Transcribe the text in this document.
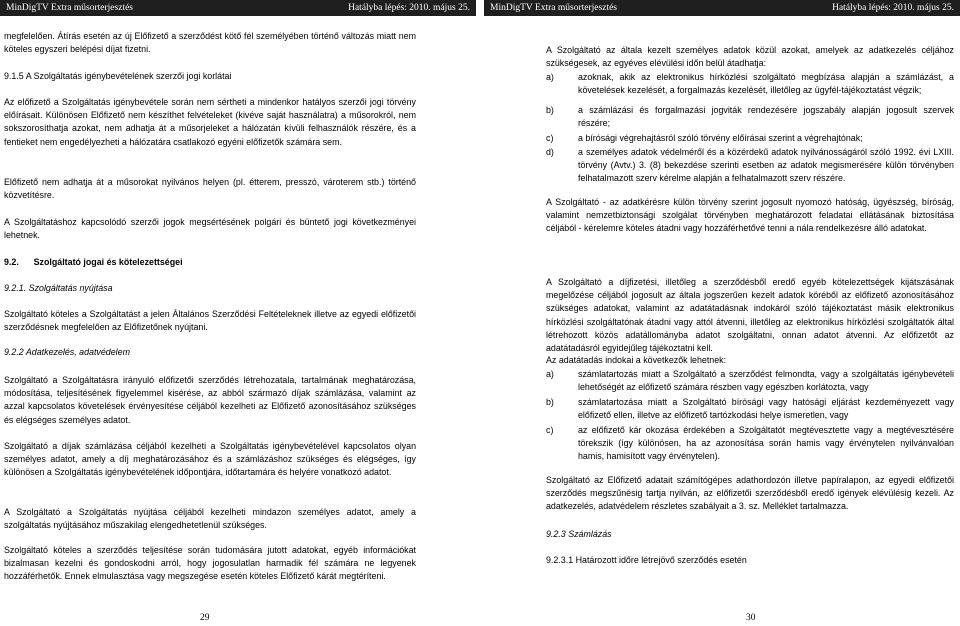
MinDigTV Extra műsorterjesztés	Hatályba lépés: 2010. május 25. MinDigTV Extra műsorterjesztés	Hatályba lépés: 2010. május 25.
megfelelően. Átírás esetén az új Előfizető a szerződést kötő fél személyében történő változás miatt nem köteles egyszeri belépési díjat fizetni.
9.1.5 A Szolgáltatás igénybevételének szerzői jogi korlátai
Az előfizető a Szolgáltatás igénybevétele során nem sértheti a mindenkor hatályos szerzői jogi törvény előírásait. Különösen Előfizető nem készíthet felvételeket (kivéve saját használatra) a műsorokról, nem sokszorosíthatja azokat, nem adhatja át a műsorjeleket a hálózatán kívüli felhasználók részére, és a fentieket nem engedélyezheti a hálózatára csatlakozó egyéni előfizetők számára sem.
Előfizető nem adhatja át a műsorokat nyilvános helyen (pl. étterem, presszó, vároterem stb.) történő közvetítésre.
A Szolgáltatáshoz kapcsolódó szerzői jogok megsértésének polgári és büntető jogi következményei lehetnek.
9.2. Szolgáltató jogai és kötelezettségei
9.2.1. Szolgáltatás nyújtása
Szolgáltató köteles a Szolgáltatást a jelen Általános Szerződési Feltételeknek illetve az egyedi előfizetői szerződésnek megfelelően az Előfizetőnek nyújtani.
9.2.2 Adatkezelés, adatvédelem
Szolgáltató a Szolgáltatásra irányuló előfizetői szerződés létrehozatala, tartalmának meghatározása, módosítása, teljesítésének figyelemmel kisérése, az abból származó díjak számlázása, valamint az azzal kapcsolatos követelések érvényesítése céljából kezelheti az Előfizető azonosításához szükséges és elégséges személyes adatot.
Szolgáltató a díjak számlázása céljából kezelheti a Szolgáltatás igénybevételével kapcsolatos olyan személyes adatot, amely a díj meghatározásához és a számlázáshoz szükséges és elégséges, így különösen a Szolgáltatás igénybevételének időpontjára, időtartamára és helyére vonatkozó adatot.
A Szolgáltató a Szolgáltatás nyújtása céljából kezelheti mindazon személyes adatot, amely a szolgáltatás nyújtásához műszakilag elengedhetetlenül szükséges.
Szolgáltató köteles a szerződés teljesítése során tudomására jutott adatokat, egyéb információkat bizalmasan kezelni és gondoskodni arról, hogy jogosulatlan harmadik fél számára ne legyenek hozzáférhetők. Ennek elmulasztása vagy megszegése esetén köteles Előfizető kárát megtéríteni.
29
A Szolgáltató az általa kezelt személyes adatok közül azokat, amelyek az adatkezelés céljához szükségesek, az egyéves elévülési időn belül átadhatja:
a)	azoknak, akik az elektronikus hírközlési szolgáltató megbízása alapján a számlázást, a követelések kezelését, a forgalmazás kezelését, illetőleg az ügyfél-tájékoztatást végzik;
b)	a számlázási és forgalmazási jogviták rendezésére jogszabály alapján jogosult szervek részére;
c)	a bírósági végrehajtásról szóló törvény előírásai szerint a végrehajtónak;
d)	a személyes adatok védelméről és a közérdekű adatok nyilvánosságáról szóló 1992. évi LXIII. törvény (Avtv.) 3. (8) bekezdése szerinti esetben az adatok megismerésére külön törvényben felhatalmazott szerv kérelme alapján a felhatalmazott szerv részére.
A Szolgáltató - az adatkérésre külön törvény szerint jogosult nyomozó hatóság, ügyészség, bíróság, valamint nemzetbiztonsági szolgálat törvényben meghatározott feladatai ellátásának biztosítása céljából - kérelemre köteles átadni vagy hozzáférhetővé tenni a nála rendelkezésre álló adatokat.
A Szolgáltató a díjfizetési, illetőleg a szerződésből eredő egyéb kötelezettségek kijátszásának megelőzése céljából jogosult az általa jogszerűen kezelt adatok köréből az előfizető azonosításához szükséges adatokat, valamint az adatátadásnak indokáról szóló tájékoztatást másik elektronikus hírközlési szolgáltatónak átadni vagy attól átvenni, illetőleg az elektronikus hírközlési szolgáltatók által létrehozott közös adatállományba adatot szolgáltatni, onnan adatot átvenni. Az előfizetőt az adatátadásról egyidejűleg tájékoztatni kell.
Az adatátadás indokai a következők lehetnek:
a)	számlatartozás miatt a Szolgáltató a szerződést felmondta, vagy a szolgáltatás igénybevételi lehetőségét az előfizető számára részben vagy egészben korlátozta, vagy
b)	számlatartozása miatt a Szolgáltató bírósági vagy hatósági eljárást kezdeményezett vagy előfizető ellen, illetve az előfizető tartózkodási helye ismeretlen, vagy
c)	az előfizető kár okozása érdekében a Szolgáltatót megtévesztette vagy a megtévesztésére törekszik (így különösen, ha az azonosítása során hamis vagy érvénytelen nyilvánvalóan hamis, hamisított vagy érvénytelen).
Szolgáltató az Előfizető adatait számítógépes adathordozón illetve papíralapon, az egyedi előfizetői szerződés megszűnésig tartja nyilván, az előfizetői szerződésből eredő igények elévülésig kezeli. Az adatkezelés, adatvédelem részletes szabályait a 3. sz. Melléklet tartalmazza.
9.2.3 Számlázás
9.2.3.1 Határozott időre létrejövő szerződés esetén
30
